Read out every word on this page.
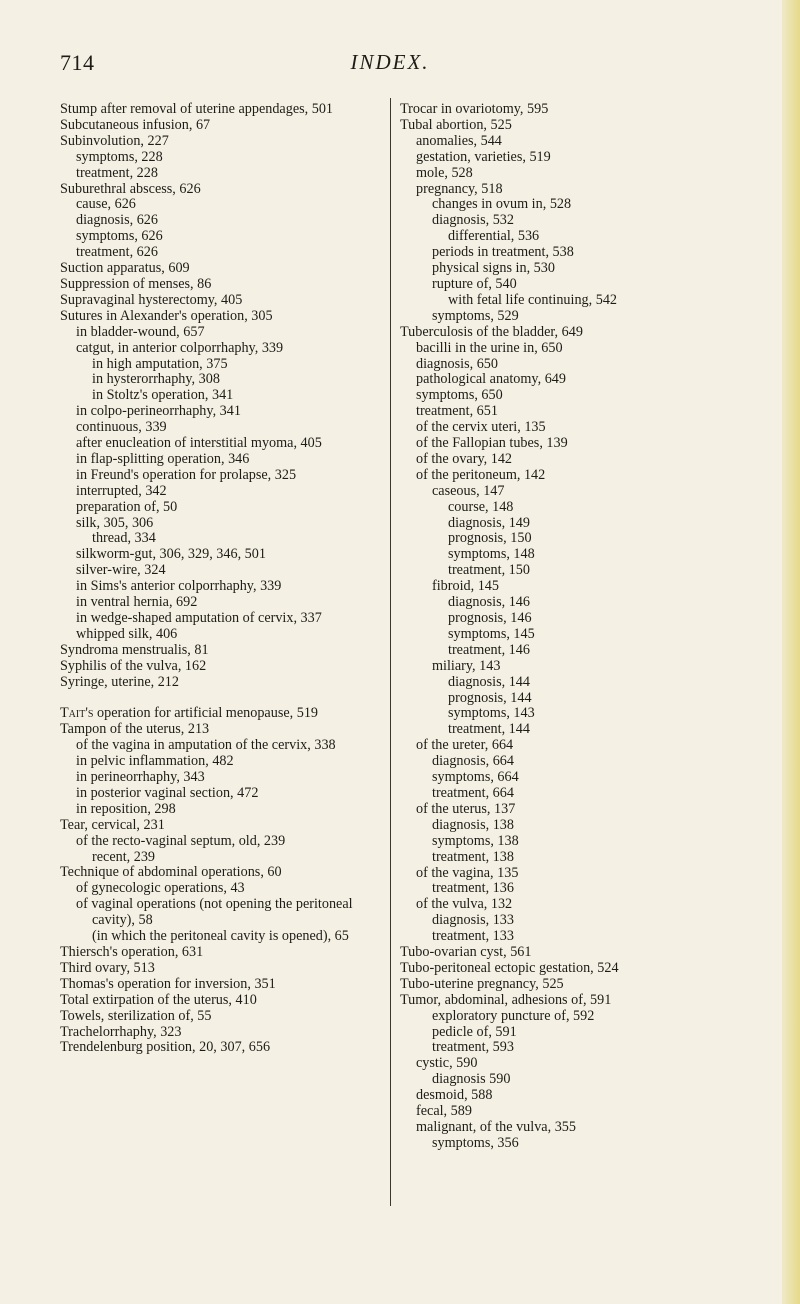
714	INDEX.
Stump after removal of uterine appendages, 501
Subcutaneous infusion, 67
Subinvolution, 227
symptoms, 228
treatment, 228
Suburethral abscess, 626
cause, 626
diagnosis, 626
symptoms, 626
treatment, 626
Suction apparatus, 609
Suppression of menses, 86
Supravaginal hysterectomy, 405
Sutures in Alexander's operation, 305
in bladder-wound, 657
catgut, in anterior colporrhaphy, 339
in high amputation, 375
in hysterorrhaphy, 308
in Stoltz's operation, 341
in colpo-perineorrhaphy, 341
continuous, 339
after enucleation of interstitial myoma, 405
in flap-splitting operation, 346
in Freund's operation for prolapse, 325
interrupted, 342
preparation of, 50
silk, 305, 306
thread, 334
silkworm-gut, 306, 329, 346, 501
silver-wire, 324
in Sims's anterior colporrhaphy, 339
in ventral hernia, 692
in wedge-shaped amputation of cervix, 337
whipped silk, 406
Syndroma menstrualis, 81
Syphilis of the vulva, 162
Syringe, uterine, 212
Tait's operation for artificial menopause, 519
Tampon of the uterus, 213
of the vagina in amputation of the cervix, 338
in pelvic inflammation, 482
in perineorrhaphy, 343
in posterior vaginal section, 472
in reposition, 298
Tear, cervical, 231
of the recto-vaginal septum, old, 239
recent, 239
Technique of abdominal operations, 60
of gynecologic operations, 43
of vaginal operations (not opening the peritoneal cavity), 58
(in which the peritoneal cavity is opened), 65
Thiersch's operation, 631
Third ovary, 513
Thomas's operation for inversion, 351
Total extirpation of the uterus, 410
Towels, sterilization of, 55
Trachelorrhaphy, 323
Trendelenburg position, 20, 307, 656
Trocar in ovariotomy, 595
Tubal abortion, 525
anomalies, 544
gestation, varieties, 519
mole, 528
pregnancy, 518
changes in ovum in, 528
diagnosis, 532
differential, 536
periods in treatment, 538
physical signs in, 530
rupture of, 540
with fetal life continuing, 542
symptoms, 529
Tuberculosis of the bladder, 649
bacilli in the urine in, 650
diagnosis, 650
pathological anatomy, 649
symptoms, 650
treatment, 651
of the cervix uteri, 135
of the Fallopian tubes, 139
of the ovary, 142
of the peritoneum, 142
caseous, 147
course, 148
diagnosis, 149
prognosis, 150
symptoms, 148
treatment, 150
fibroid, 145
diagnosis, 146
prognosis, 146
symptoms, 145
treatment, 146
miliary, 143
diagnosis, 144
prognosis, 144
symptoms, 143
treatment, 144
of the ureter, 664
diagnosis, 664
symptoms, 664
treatment, 664
of the uterus, 137
diagnosis, 138
symptoms, 138
treatment, 138
of the vagina, 135
treatment, 136
of the vulva, 132
diagnosis, 133
treatment, 133
Tubo-ovarian cyst, 561
Tubo-peritoneal ectopic gestation, 524
Tubo-uterine pregnancy, 525
Tumor, abdominal, adhesions of, 591
exploratory puncture of, 592
pedicle of, 591
treatment, 593
cystic, 590
diagnosis 590
desmoid, 588
fecal, 589
malignant, of the vulva, 355
symptoms, 356
